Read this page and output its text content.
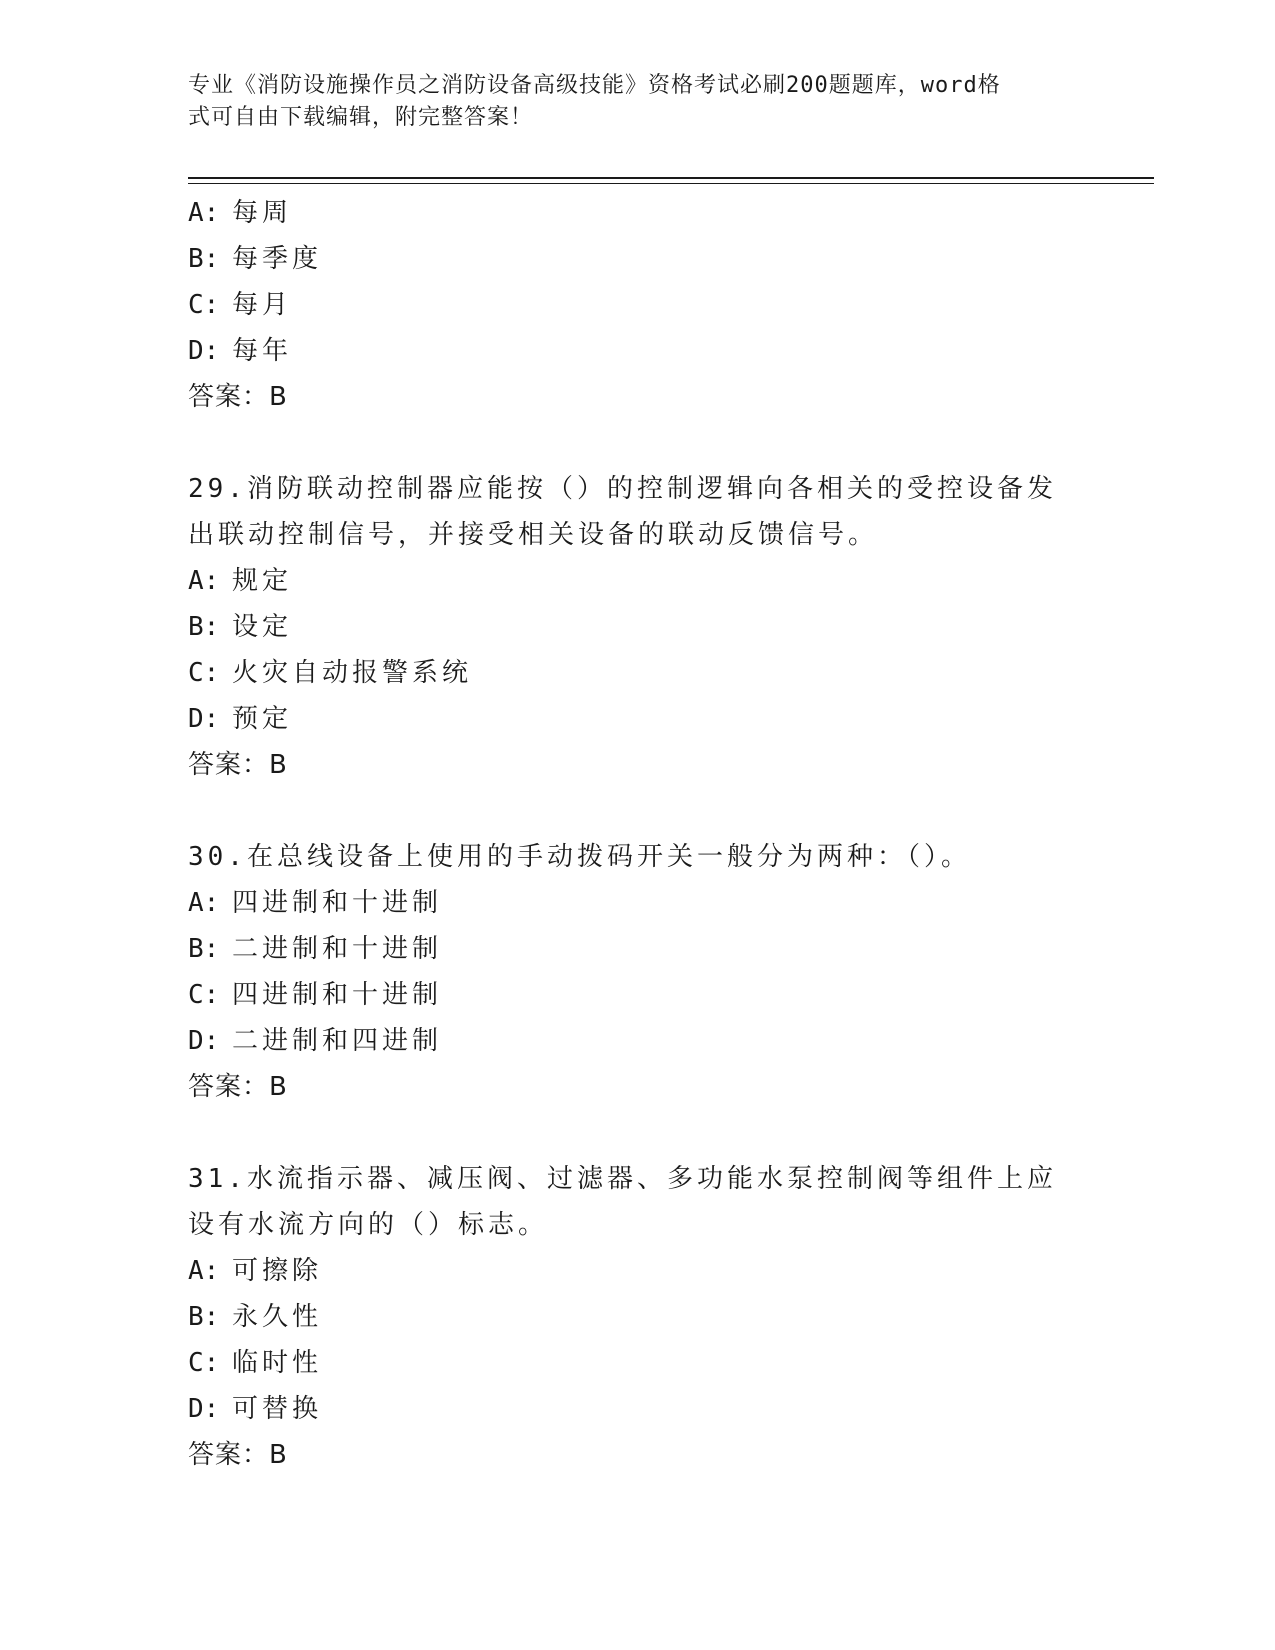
专业《消防设施操作员之消防设备高级技能》资格考试必刷200题题库，word格
式可自由下载编辑，附完整答案！
A: 每周
B: 每季度
C: 每月
D: 每年
答案：B
29.消防联动控制器应能按（）的控制逻辑向各相关的受控设备发出联动控制信号，并接受相关设备的联动反馈信号。
A: 规定
B: 设定
C: 火灾自动报警系统
D: 预定
答案：B
30.在总线设备上使用的手动拨码开关一般分为两种：（）。
A: 四进制和十进制
B: 二进制和十进制
C: 四进制和十进制
D: 二进制和四进制
答案：B
31.水流指示器、减压阀、过滤器、多功能水泵控制阀等组件上应设有水流方向的（）标志。
A: 可擦除
B: 永久性
C: 临时性
D: 可替换
答案：B
